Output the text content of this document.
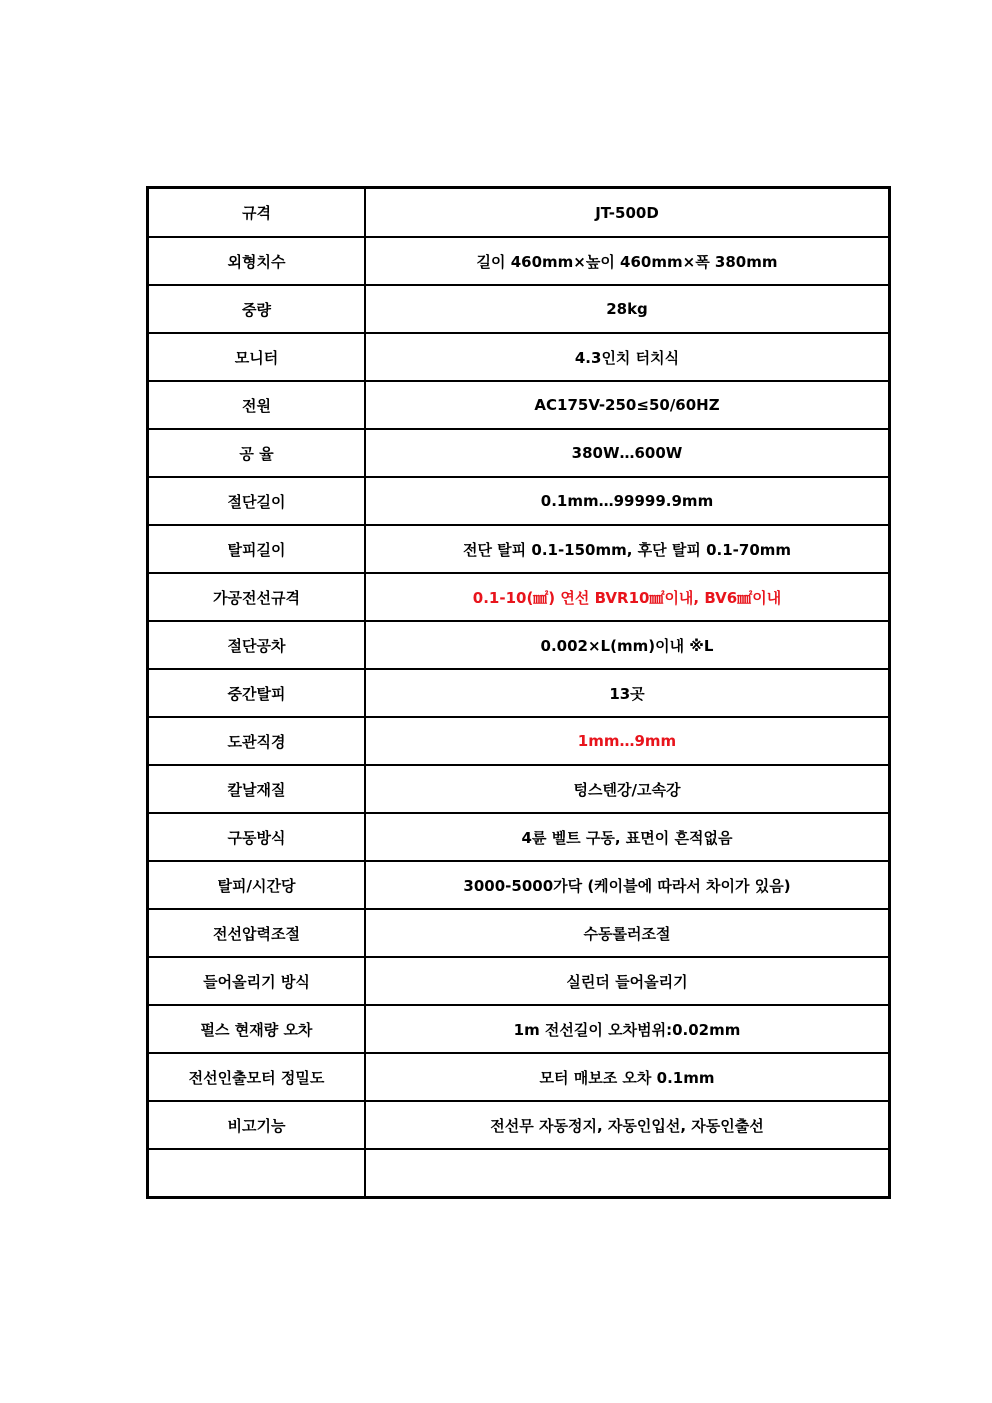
규격	JT-500D
외형치수	길이 460mm×높이 460mm×폭 380mm
중량	28kg
모니터	4.3인치 터치식
전원	AC175V-250≤50/60HZ
공 율	380W…600W
절단길이	0.1mm…99999.9mm
탈피길이	전단 탈피 0.1-150mm, 후단 탈피 0.1-70mm
가공전선규격	0.1-10(㎟) 연선 BVR10㎟이내, BV6㎟이내
절단공차	0.002×L(mm)이내 ※L
중간탈피	13곳
도관직경	1mm…9mm
칼날재질	텅스텐강/고속강
구동방식	4륜 벨트 구동, 표면이 흔적없음
탈피/시간당	3000-5000가닥 (케이블에 따라서 차이가 있음)
전선압력조절	수동롤러조절
들어올리기 방식	실린더 들어올리기
펄스 현재량 오차	1m 전선길이 오차범위:0.02mm
전선인출모터 정밀도	모터 매보조 오차 0.1mm
비고기능	전선무 자동정지, 자동인입선, 자동인출선
